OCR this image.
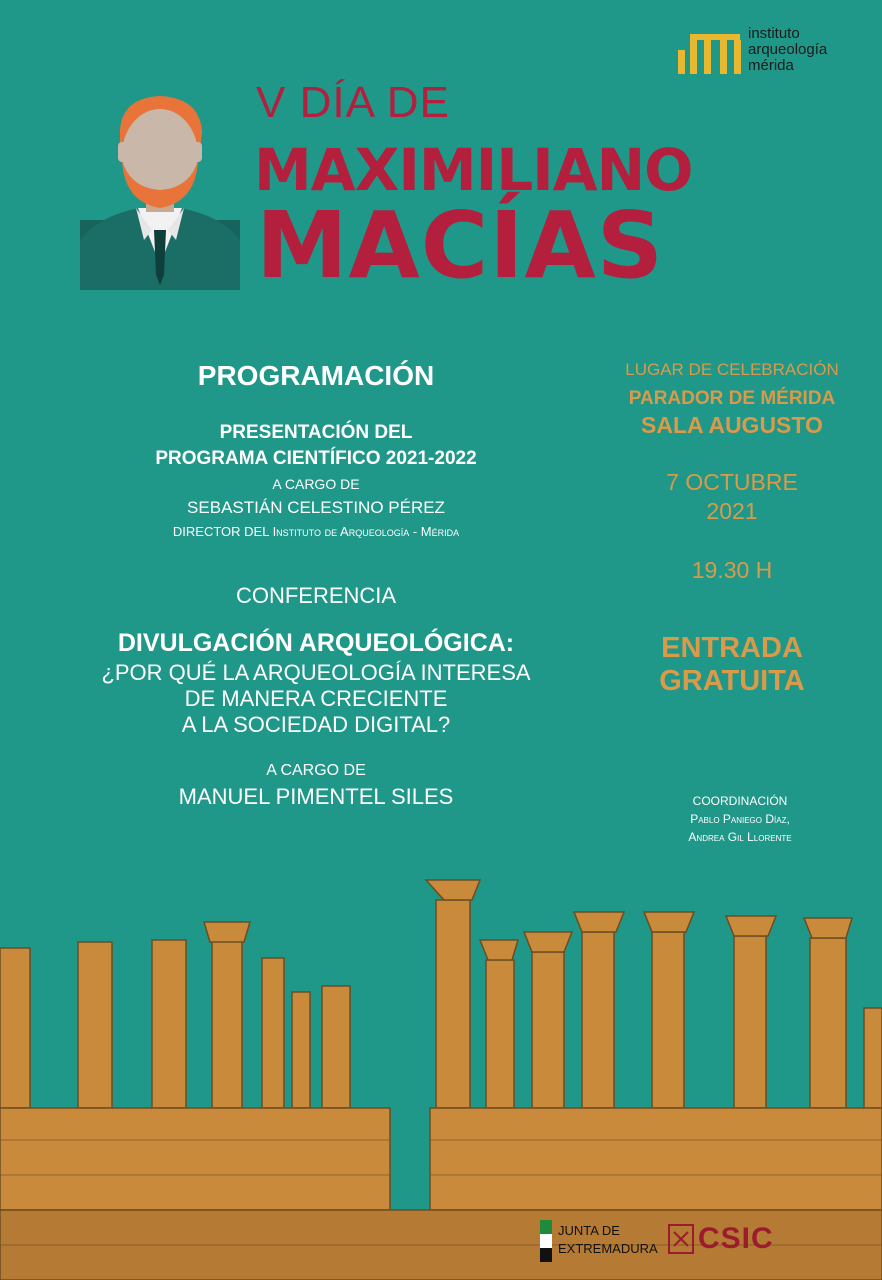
instituto
arqueología
mérida
V DÍA DE
MAXIMILIANO
MACÍAS
PROGRAMACIÓN
PRESENTACIÓN DEL
PROGRAMA CIENTÍFICO 2021-2022
A CARGO DE
SEBASTIÁN CELESTINO PÉREZ
DIRECTOR DEL Instituto de Arqueología - Mérida
CONFERENCIA
DIVULGACIÓN ARQUEOLÓGICA:
¿POR QUÉ LA ARQUEOLOGÍA INTERESA
DE MANERA CRECIENTE
A LA SOCIEDAD DIGITAL?
A CARGO DE
MANUEL PIMENTEL SILES
LUGAR DE CELEBRACIÓN
PARADOR DE MÉRIDA
SALA AUGUSTO
7 OCTUBRE
2021
19.30 H
ENTRADA
GRATUITA
COORDINACIÓN
Pablo Paniego Díaz,
Andrea Gil Llorente
JUNTA DE
EXTREMADURA CSIC
